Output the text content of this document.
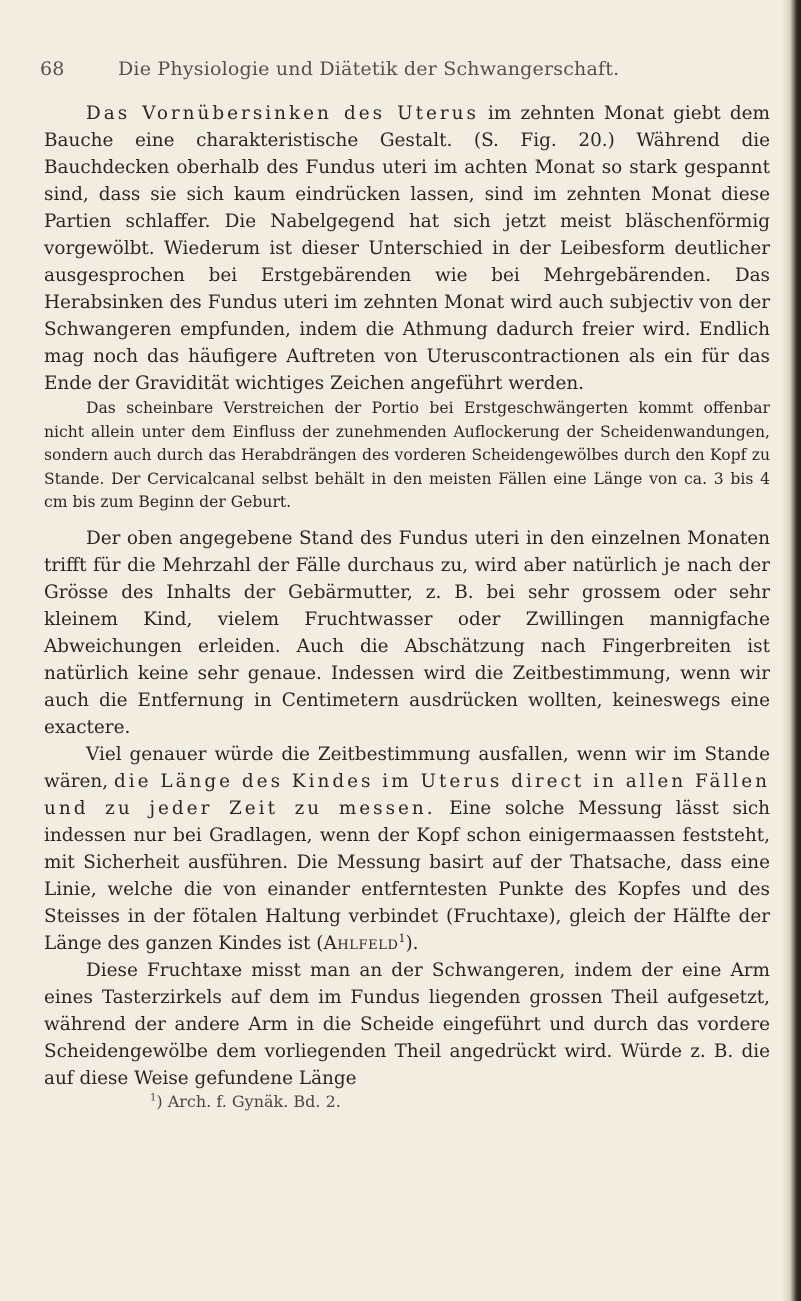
68	Die Physiologie und Diätetik der Schwangerschaft.

Das Vornübersinken des Uterus im zehnten Monat giebt dem Bauche eine charakteristische Gestalt. (S. Fig. 20.) Während die Bauchdecken oberhalb des Fundus uteri im achten Monat so stark gespannt sind, dass sie sich kaum eindrücken lassen, sind im zehnten Monat diese Partien schlaffer. Die Nabelgegend hat sich jetzt meist bläschenförmig vorgewölbt. Wiederum ist dieser Unterschied in der Leibesform deutlicher ausgesprochen bei Erstgebärenden wie bei Mehrgebärenden. Das Herabsinken des Fundus uteri im zehnten Monat wird auch subjectiv von der Schwangeren empfunden, indem die Athmung dadurch freier wird. Endlich mag noch das häufigere Auftreten von Uteruscontractionen als ein für das Ende der Gravidität wichtiges Zeichen angeführt werden.

Das scheinbare Verstreichen der Portio bei Erstgeschwängerten kommt offenbar nicht allein unter dem Einfluss der zunehmenden Auflockerung der Scheidenwandungen, sondern auch durch das Herabdrängen des vorderen Scheidengewölbes durch den Kopf zu Stande. Der Cervicalcanal selbst behält in den meisten Fällen eine Länge von ca. 3 bis 4 cm bis zum Beginn der Geburt.

Der oben angegebene Stand des Fundus uteri in den einzelnen Monaten trifft für die Mehrzahl der Fälle durchaus zu, wird aber natürlich je nach der Grösse des Inhalts der Gebärmutter, z. B. bei sehr grossem oder sehr kleinem Kind, vielem Fruchtwasser oder Zwillingen mannigfache Abweichungen erleiden. Auch die Abschätzung nach Fingerbreiten ist natürlich keine sehr genaue. Indessen wird die Zeitbestimmung, wenn wir auch die Entfernung in Centimetern ausdrücken wollten, keineswegs eine exactere.

Viel genauer würde die Zeitbestimmung ausfallen, wenn wir im Stande wären, die Länge des Kindes im Uterus direct in allen Fällen und zu jeder Zeit zu messen. Eine solche Messung lässt sich indessen nur bei Gradlagen, wenn der Kopf schon einigermaassen feststeht, mit Sicherheit ausführen. Die Messung basirt auf der Thatsache, dass eine Linie, welche die von einander entferntesten Punkte des Kopfes und des Steisses in der fötalen Haltung verbindet (Fruchtaxe), gleich der Hälfte der Länge des ganzen Kindes ist (Ahlfeld$^1$).

Diese Fruchtaxe misst man an der Schwangeren, indem der eine Arm eines Tasterzirkels auf dem im Fundus liegenden grossen Theil aufgesetzt, während der andere Arm in die Scheide eingeführt und durch das vordere Scheidengewölbe dem vorliegenden Theil angedrückt wird. Würde z. B. die auf diese Weise gefundene Länge

$^1$) Arch. f. Gynäk. Bd. 2.
